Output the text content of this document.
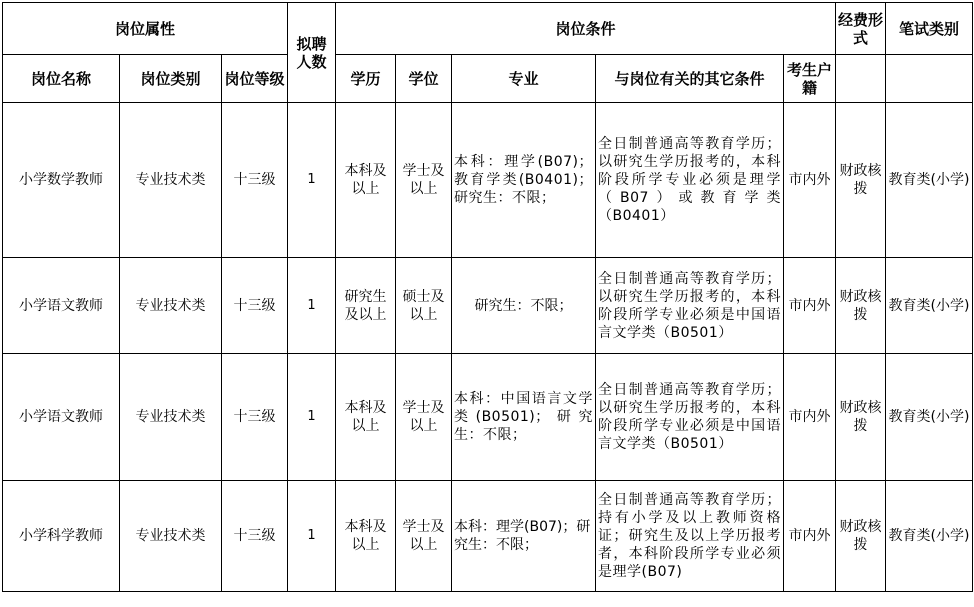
岗位属性			拟聘人数	岗位条件					经费形式	笔试类别
岗位名称	岗位类别	岗位等级		学历	学位	专业	与岗位有关的其它条件	考生户籍		
小学数学教师	专业技术类	十三级	1	本科及以上	学士及以上	本科：理学(B07)；教育学类(B0401)；研究生：不限；	全日制普通高等教育学历；以研究生学历报考的，本科阶段所学专业必须是理学（B07）或教育学类（B0401）	市内外	财政核拨	教育类(小学)
小学语文教师	专业技术类	十三级	1	研究生及以上	硕士及以上	研究生：不限；	全日制普通高等教育学历；以研究生学历报考的，本科阶段所学专业必须是中国语言文学类（B0501）	市内外	财政核拨	教育类(小学)
小学语文教师	专业技术类	十三级	1	本科及以上	学士及以上	本科：中国语言文学类(B0501)；研究生：不限；	全日制普通高等教育学历；以研究生学历报考的，本科阶段所学专业必须是中国语言文学类（B0501）	市内外	财政核拨	教育类(小学)
小学科学教师	专业技术类	十三级	1	本科及以上	学士及以上	本科：理学(B07)；研究生：不限；	全日制普通高等教育学历；持有小学及以上教师资格证；研究生及以上学历报考者，本科阶段所学专业必须是理学(B07)	市内外	财政核拨	教育类(小学)
